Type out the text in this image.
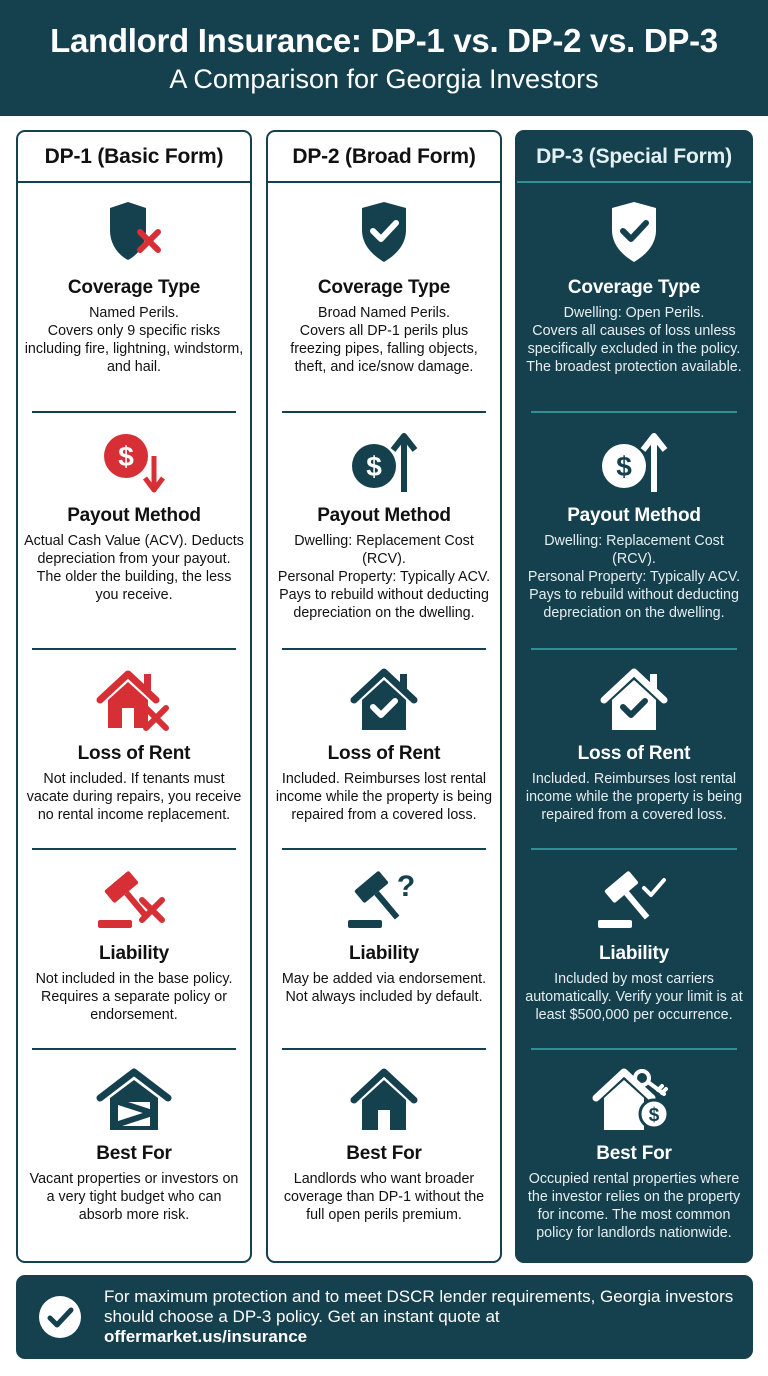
Landlord Insurance: DP-1 vs. DP-2 vs. DP-3
A Comparison for Georgia Investors
DP-1 (Basic Form)
Coverage Type

Named Perils.
Covers only 9 specific risks including fire, lightning, windstorm, and hail.

$
Payout Method

Actual Cash Value (ACV). Deducts depreciation from your payout. The older the building, the less you receive.

Loss of Rent

Not included. If tenants must vacate during repairs, you receive no rental income replacement.

Liability

Not included in the base policy. Requires a separate policy or endorsement.

Best For

Vacant properties or investors on a very tight budget who can absorb more risk.

DP-2 (Broad Form)
Coverage Type

Broad Named Perils.
Covers all DP-1 perils plus freezing pipes, falling objects, theft, and ice/snow damage.

$
Payout Method

Dwelling: Replacement Cost (RCV).
Personal Property: Typically ACV. Pays to rebuild without deducting depreciation on the dwelling.

Loss of Rent

Included. Reimburses lost rental income while the property is being repaired from a covered loss.

?
Liability

May be added via endorsement. Not always included by default.

Best For

Landlords who want broader coverage than DP-1 without the full open perils premium.

DP-3 (Special Form)
Coverage Type

Dwelling: Open Perils.
Covers all causes of loss unless specifically excluded in the policy. The broadest protection available.

$
Payout Method

Dwelling: Replacement Cost (RCV).
Personal Property: Typically ACV. Pays to rebuild without deducting depreciation on the dwelling.

Loss of Rent

Included. Reimburses lost rental income while the property is being repaired from a covered loss.

Liability

Included by most carriers automatically. Verify your limit is at least $500,000 per occurrence.

$
Best For

Occupied rental properties where the investor relies on the property for income. The most common policy for landlords nationwide.

For maximum protection and to meet DSCR lender requirements, Georgia investors should choose a DP-3 policy. Get an instant quote at
offermarket.us/insurance
